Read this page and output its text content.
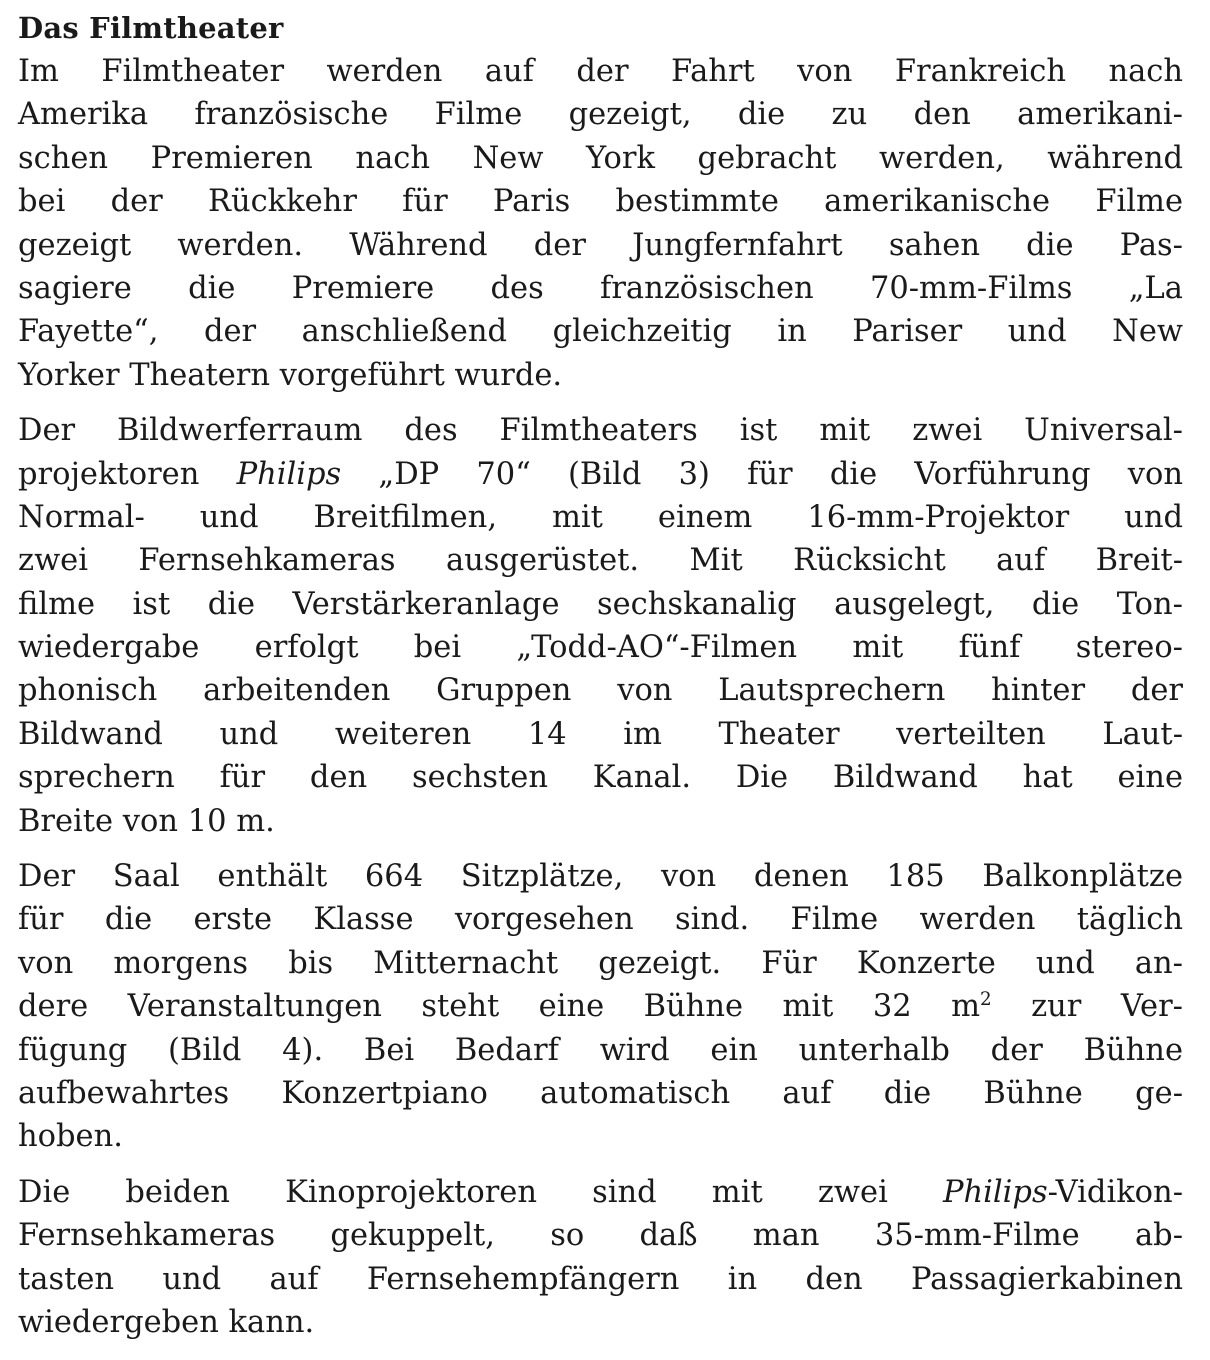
Das Filmtheater
Im Filmtheater werden auf der Fahrt von Frankreich nach
Amerika französische Filme gezeigt, die zu den amerikani-
schen Premieren nach New York gebracht werden, während
bei der Rückkehr für Paris bestimmte amerikanische Filme
gezeigt werden. Während der Jungfernfahrt sahen die Pas-
sagiere die Premiere des französischen 70-mm-Films „La
Fayette“, der anschließend gleichzeitig in Pariser und New
Yorker Theatern vorgeführt wurde.
Der Bildwerferraum des Filmtheaters ist mit zwei Universal-
projektoren Philips „DP 70“ (Bild 3) für die Vorführung von
Normal- und Breitfilmen, mit einem 16-mm-Projektor und
zwei Fernsehkameras ausgerüstet. Mit Rücksicht auf Breit-
filme ist die Verstärkeranlage sechskanalig ausgelegt, die Ton-
wiedergabe erfolgt bei „Todd-AO“-Filmen mit fünf stereo-
phonisch arbeitenden Gruppen von Lautsprechern hinter der
Bildwand und weiteren 14 im Theater verteilten Laut-
sprechern für den sechsten Kanal. Die Bildwand hat eine
Breite von 10 m.
Der Saal enthält 664 Sitzplätze, von denen 185 Balkonplätze
für die erste Klasse vorgesehen sind. Filme werden täglich
von morgens bis Mitternacht gezeigt. Für Konzerte und an-
dere Veranstaltungen steht eine Bühne mit 32 $m^2$ zur Ver-
fügung (Bild 4). Bei Bedarf wird ein unterhalb der Bühne
aufbewahrtes Konzertpiano automatisch auf die Bühne ge-
hoben.
Die beiden Kinoprojektoren sind mit zwei Philips-Vidikon-
Fernsehkameras gekuppelt, so daß man 35-mm-Filme ab-
tasten und auf Fernsehempfängern in den Passagierkabinen
wiedergeben kann.
